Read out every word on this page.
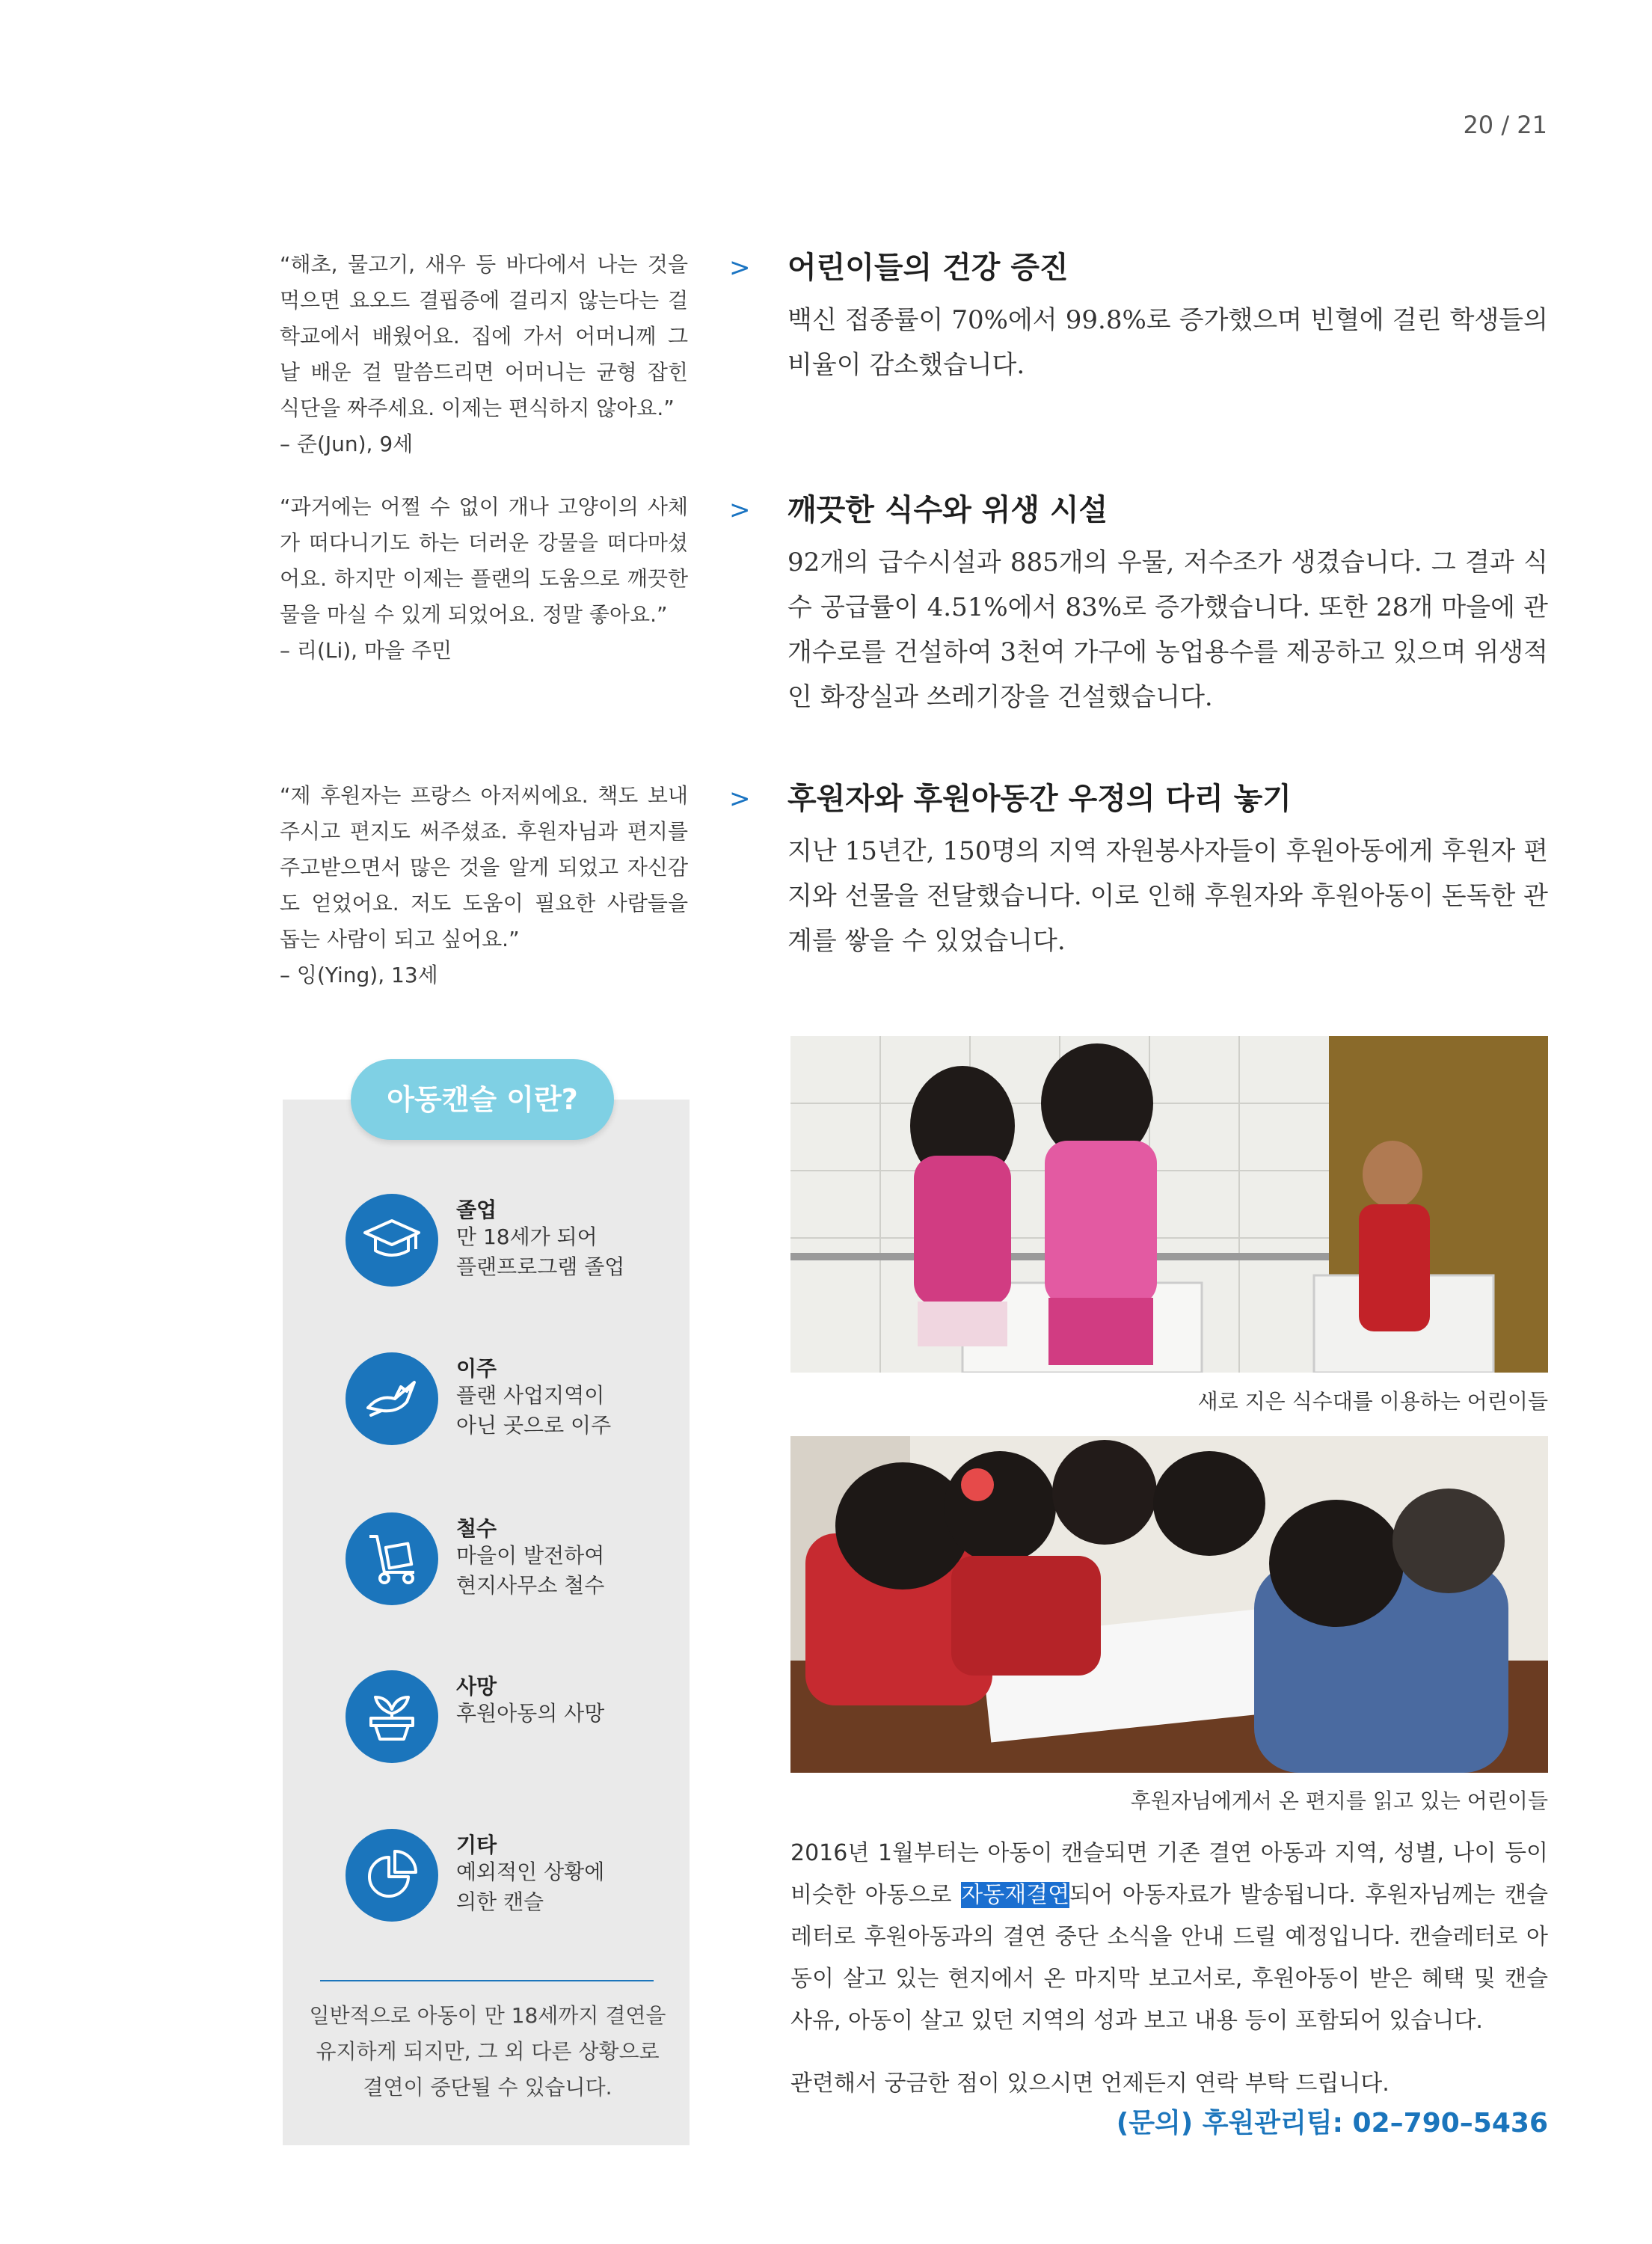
20 / 21
“해초, 물고기, 새우 등 바다에서 나는 것을 먹으면 요오드 결핍증에 걸리지 않는다는 걸 학교에서 배웠어요. 집에 가서 어머니께 그 날 배운 걸 말씀드리면 어머니는 균형 잡힌 식단을 짜주세요. 이제는 편식하지 않아요.”
– 준(Jun), 9세
“과거에는 어쩔 수 없이 개나 고양이의 사체가 떠다니기도 하는 더러운 강물을 떠다마셨어요. 하지만 이제는 플랜의 도움으로 깨끗한 물을 마실 수 있게 되었어요. 정말 좋아요.”
– 리(Li), 마을 주민
“제 후원자는 프랑스 아저씨에요. 책도 보내주시고 편지도 써주셨죠. 후원자님과 편지를 주고받으면서 많은 것을 알게 되었고 자신감도 얻었어요. 저도 도움이 필요한 사람들을 돕는 사람이 되고 싶어요.”
– 잉(Ying), 13세
> 어린이들의 건강 증진

백신 접종률이 70%에서 99.8%로 증가했으며 빈혈에 걸린 학생들의 비율이 감소했습니다.

> 깨끗한 식수와 위생 시설

92개의 급수시설과 885개의 우물, 저수조가 생겼습니다. 그 결과 식수 공급률이 4.51%에서 83%로 증가했습니다. 또한 28개 마을에 관개수로를 건설하여 3천여 가구에 농업용수를 제공하고 있으며 위생적인 화장실과 쓰레기장을 건설했습니다.

> 후원자와 후원아동간 우정의 다리 놓기

지난 15년간, 150명의 지역 자원봉사자들이 후원아동에게 후원자 편지와 선물을 전달했습니다. 이로 인해 후원자와 후원아동이 돈독한 관계를 쌓을 수 있었습니다.

새로 지은 식수대를 이용하는 어린이들
후원자님에게서 온 편지를 읽고 있는 어린이들
아동캔슬 이란?
졸업
만 18세가 되어
플랜프로그램 졸업
이주
플랜 사업지역이
아닌 곳으로 이주
철수
마을이 발전하여
현지사무소 철수
사망
후원아동의 사망
기타
예외적인 상황에
의한 캔슬
일반적으로 아동이 만 18세까지 결연을 유지하게 되지만, 그 외 다른 상황으로 결연이 중단될 수 있습니다.
2016년 1월부터는 아동이 캔슬되면 기존 결연 아동과 지역, 성별, 나이 등이 비슷한 아동으로 자동재결연되어 아동자료가 발송됩니다. 후원자님께는 캔슬레터로 후원아동과의 결연 중단 소식을 안내 드릴 예정입니다. 캔슬레터로 아동이 살고 있는 현지에서 온 마지막 보고서로, 후원아동이 받은 혜택 및 캔슬 사유, 아동이 살고 있던 지역의 성과 보고 내용 등이 포함되어 있습니다.
관련해서 궁금한 점이 있으시면 언제든지 연락 부탁 드립니다.
(문의) 후원관리팀: 02–790–5436
